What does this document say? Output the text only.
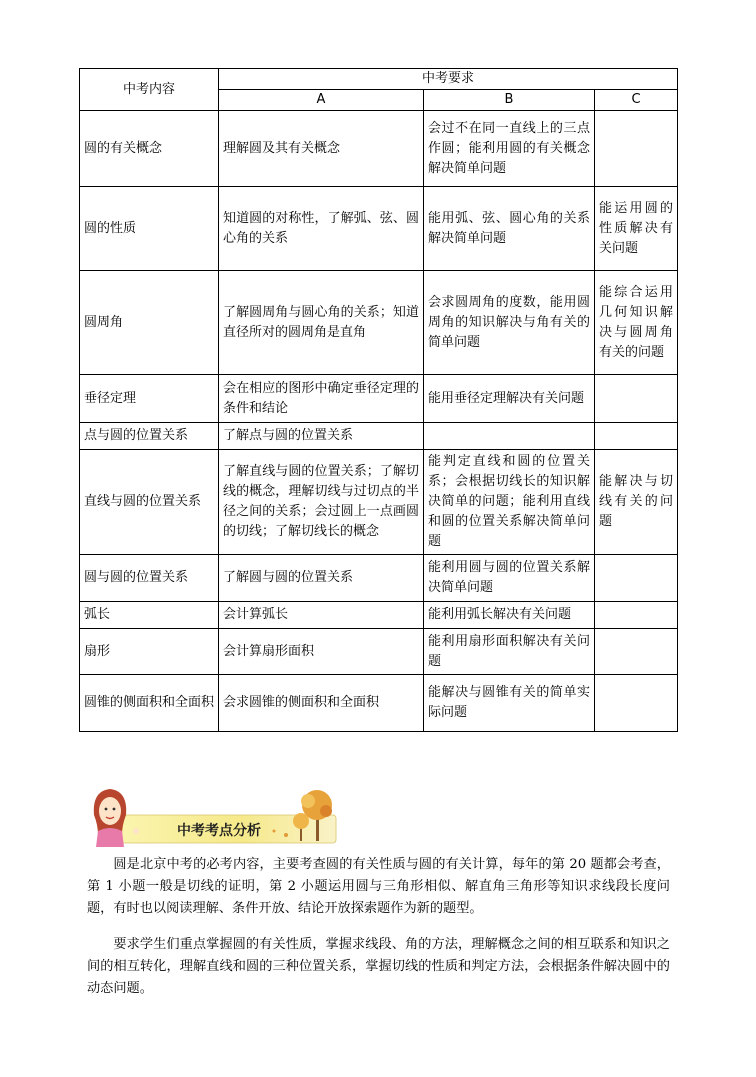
中考内容	中考要求		
	A	B	C
圆的有关概念	理解圆及其有关概念	会过不在同一直线上的三点作圆；能利用圆的有关概念解决简单问题	
圆的性质	知道圆的对称性，了解弧、弦、圆心角的关系	能用弧、弦、圆心角的关系解决简单问题	能运用圆的性质解决有关问题
圆周角	了解圆周角与圆心角的关系；知道直径所对的圆周角是直角	会求圆周角的度数，能用圆周角的知识解决与角有关的简单问题	能综合运用几何知识解决与圆周角有关的问题
垂径定理	会在相应的图形中确定垂径定理的条件和结论	能用垂径定理解决有关问题	
点与圆的位置关系	了解点与圆的位置关系		
直线与圆的位置关系	了解直线与圆的位置关系；了解切线的概念，理解切线与过切点的半径之间的关系；会过圆上一点画圆的切线；了解切线长的概念	能判定直线和圆的位置关系；会根据切线长的知识解决简单的问题；能利用直线和圆的位置关系解决简单问题	能解决与切线有关的问题
圆与圆的位置关系	了解圆与圆的位置关系	能利用圆与圆的位置关系解决简单问题	
弧长	会计算弧长	能利用弧长解决有关问题	
扇形	会计算扇形面积	能利用扇形面积解决有关问题	
圆锥的侧面积和全面积	会求圆锥的侧面积和全面积	能解决与圆锥有关的简单实际问题	
中考考点分析

圆是北京中考的必考内容，主要考查圆的有关性质与圆的有关计算，每年的第 20 题都会考查，第 1 小题一般是切线的证明，第 2 小题运用圆与三角形相似、解直角三角形等知识求线段长度问题，有时也以阅读理解、条件开放、结论开放探索题作为新的题型。

要求学生们重点掌握圆的有关性质，掌握求线段、角的方法，理解概念之间的相互联系和知识之间的相互转化，理解直线和圆的三种位置关系，掌握切线的性质和判定方法，会根据条件解决圆中的动态问题。
